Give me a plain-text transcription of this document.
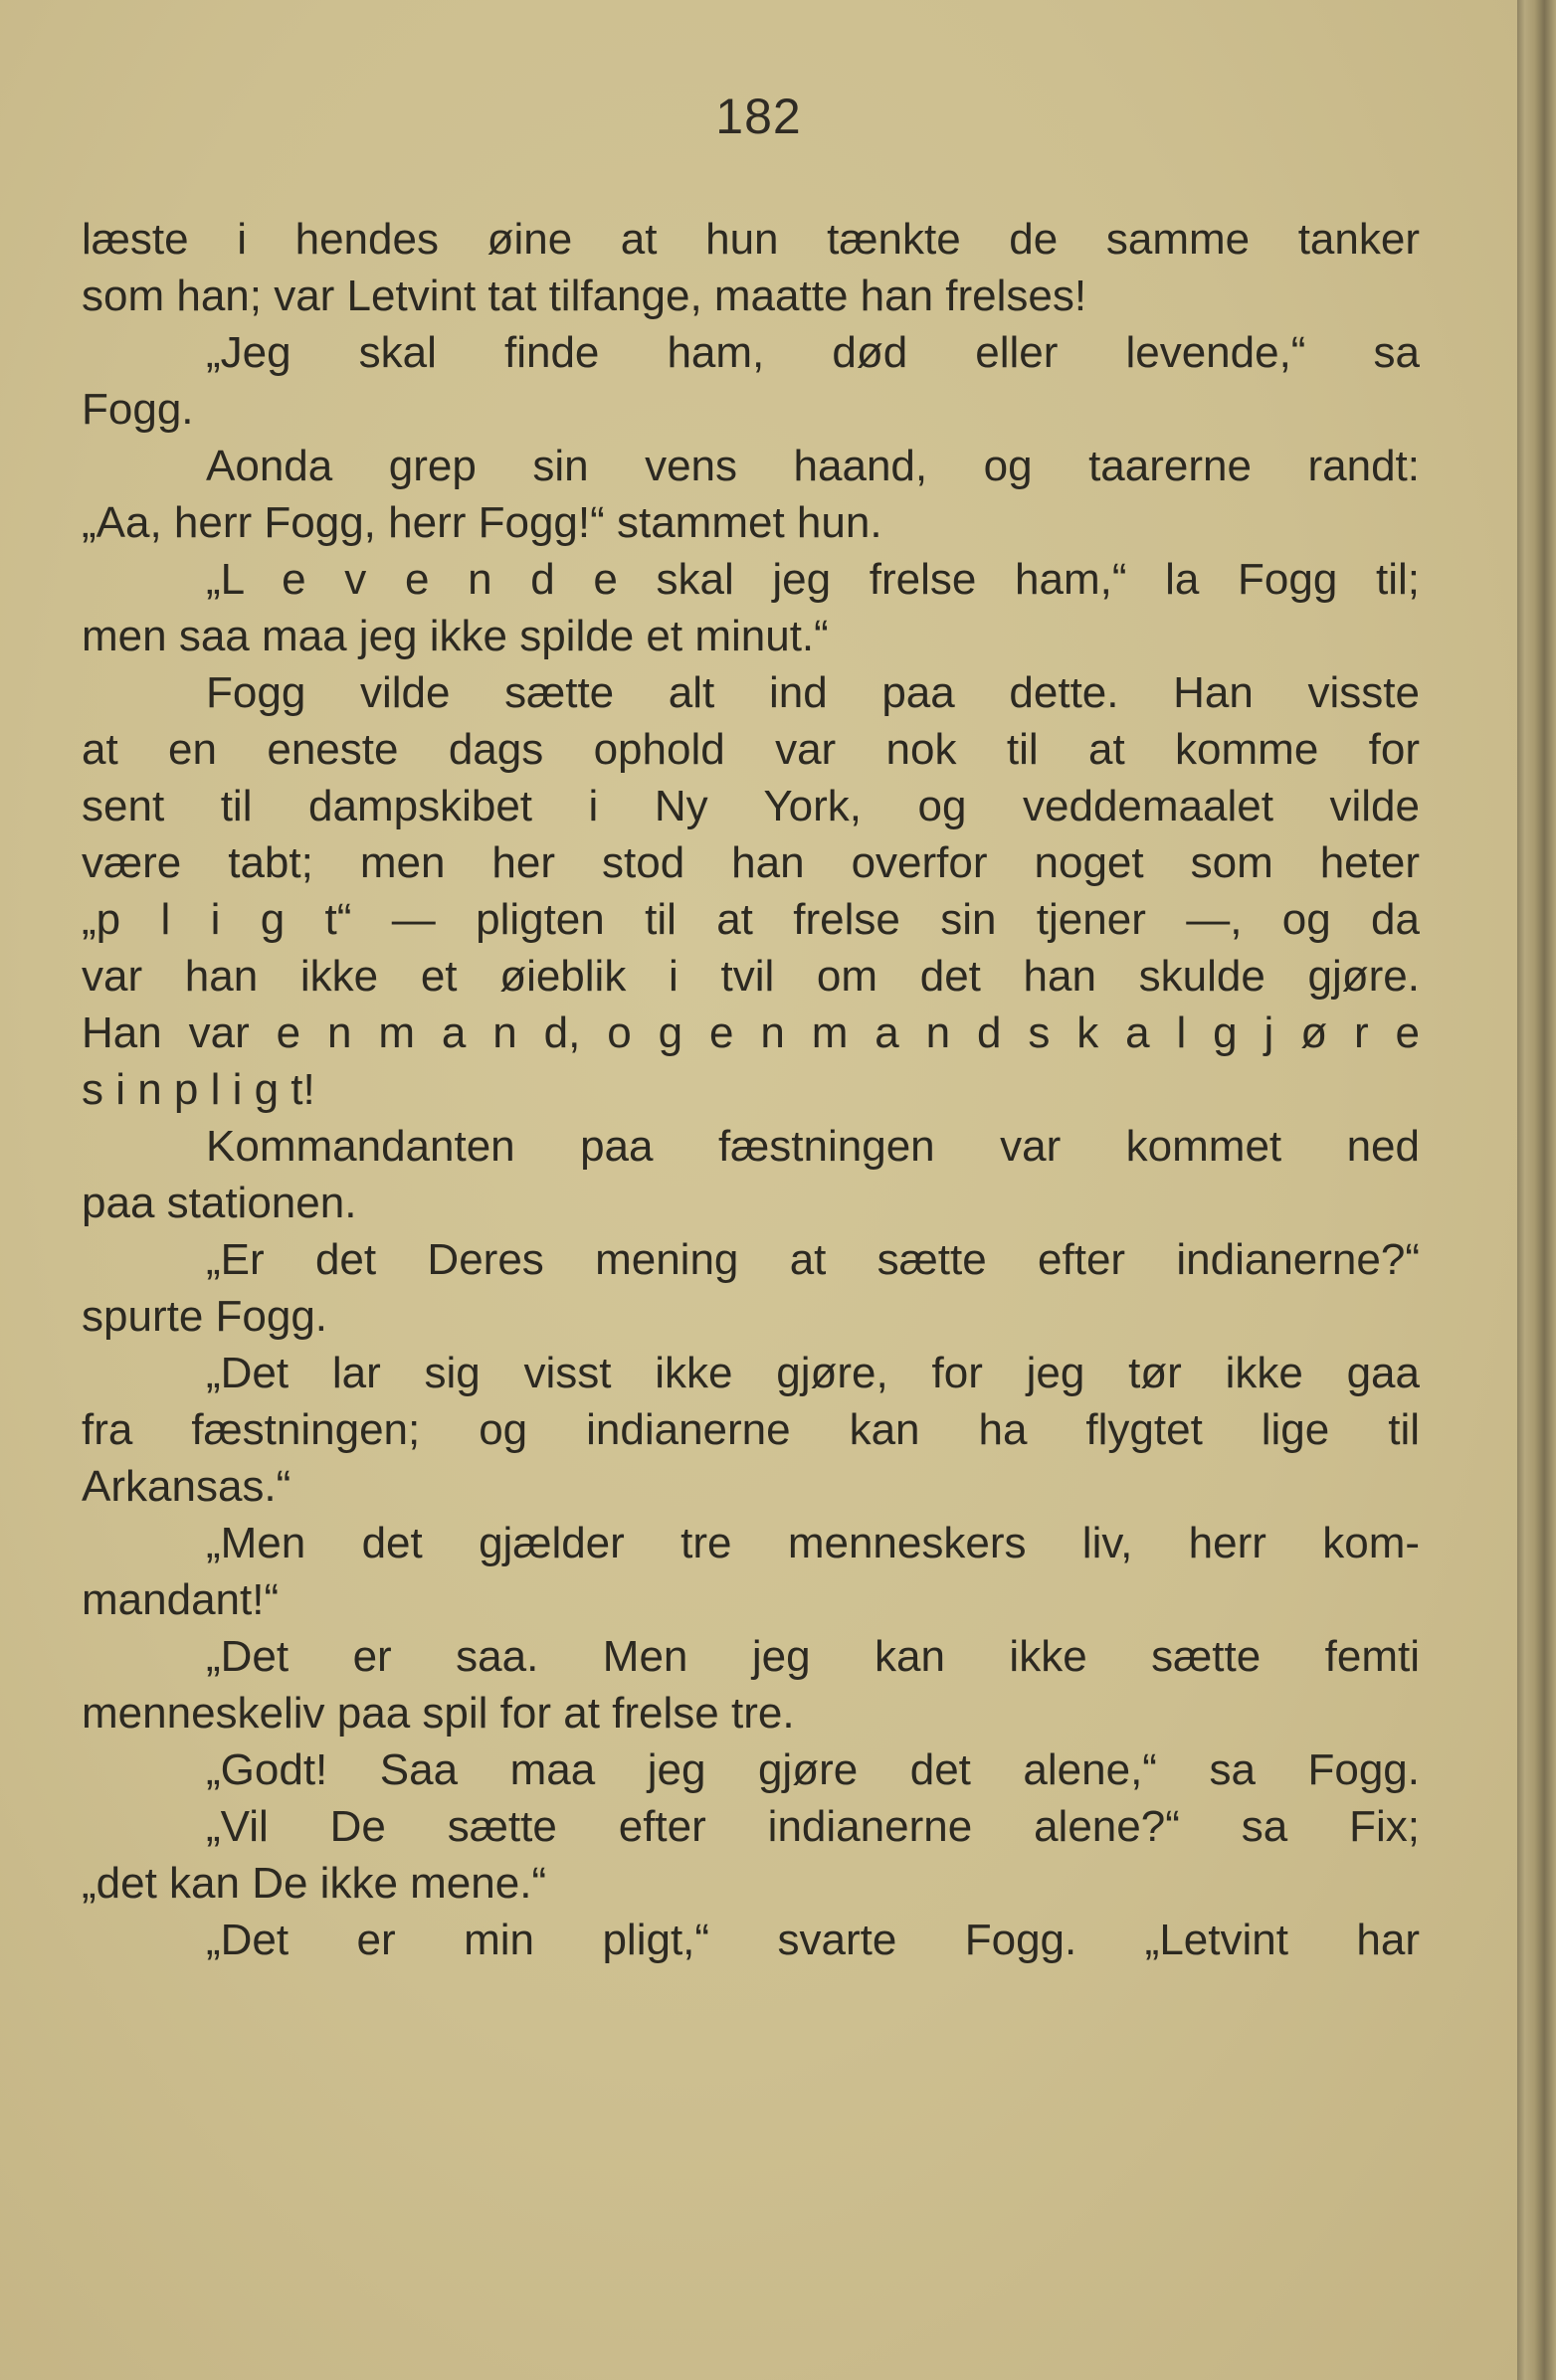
182
læste i hendes øine at hun tænkte de samme tanker
som han; var Letvint tat tilfange, maatte han frelses!
„Jeg skal finde ham, død eller levende,“ sa
Fogg.
Aonda grep sin vens haand, og taarerne randt:
„Aa, herr Fogg, herr Fogg!“ stammet hun.
„L e v e n d e skal jeg frelse ham,“ la Fogg til;
men saa maa jeg ikke spilde et minut.“
Fogg vilde sætte alt ind paa dette. Han visste
at en eneste dags ophold var nok til at komme for
sent til dampskibet i Ny York, og veddemaalet vilde
være tabt; men her stod han overfor noget som heter
„p l i g t“ — pligten til at frelse sin tjener —, og da
var han ikke et øieblik i tvil om det han skulde gjøre.
Han var e n m a n d, o g e n m a n d s k a l g j ø r e
s i n p l i g t!
Kommandanten paa fæstningen var kommet ned
paa stationen.
„Er det Deres mening at sætte efter indianerne?“
spurte Fogg.
„Det lar sig visst ikke gjøre, for jeg tør ikke gaa
fra fæstningen; og indianerne kan ha flygtet lige til
Arkansas.“
„Men det gjælder tre menneskers liv, herr kom-
mandant!“
„Det er saa. Men jeg kan ikke sætte femti
menneskeliv paa spil for at frelse tre.
„Godt! Saa maa jeg gjøre det alene,“ sa Fogg.
„Vil De sætte efter indianerne alene?“ sa Fix;
„det kan De ikke mene.“
„Det er min pligt,“ svarte Fogg. „Letvint har
